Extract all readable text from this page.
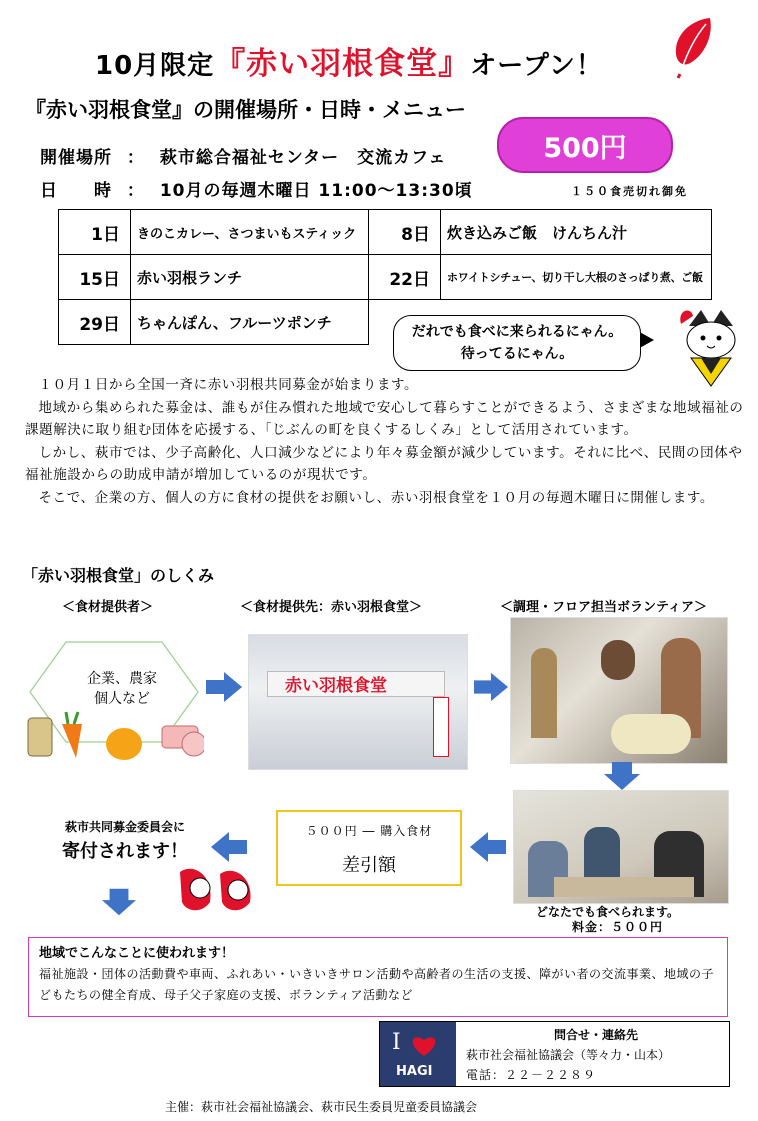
10月限定『赤い羽根食堂』オープン！
『赤い羽根食堂』の開催場所・日時・メニュー
開催場所 ： 萩市総合福祉センター　交流カフェ	500円
日　　時 ： 10月の毎週木曜日 11:00～13:30頃	１５０食売切れ御免
1日	きのこカレー、さつまいもスティック	8日	炊き込みご飯　けんちん汁
15日	赤い羽根ランチ	22日	ホワイトシチュー、切り干し大根のさっぱり煮、ご飯
29日	ちゃんぽん、フルーツポンチ		
だれでも食べに来られるにゃん。
待ってるにゃん。

１０月１日から全国一斉に赤い羽根共同募金が始まります。

地域から集められた募金は、誰もが住み慣れた地域で安心して暮らすことができるよう、さまざまな地域福祉の課題解決に取り組む団体を応援する、「じぶんの町を良くするしくみ」として活用されています。

しかし、萩市では、少子高齢化、人口減少などにより年々募金額が減少しています。それに比べ、民間の団体や福祉施設からの助成申請が増加しているのが現状です。

そこで、企業の方、個人の方に食材の提供をお願いし、赤い羽根食堂を１０月の毎週木曜日に開催します。

「赤い羽根食堂」のしくみ
＜食材提供者＞	＜食材提供先：赤い羽根食堂＞	＜調理・フロア担当ボランティア＞
企業、農家
個人など
赤い羽根食堂
５００円 ― 購入食材
差引額
萩市共同募金委員会に
寄付されます！
どなたでも食べられます。
料金：５００円
地域でこんなことに使われます！
福祉施設・団体の活動費や車両、ふれあい・いきいきサロン活動や高齢者の生活の支援、障がい者の交流事業、地域の子どもたちの健全育成、母子父子家庭の支援、ボランティア活動など
I
HAGI
問合せ・連絡先
萩市社会福祉協議会（等々力・山本）
電話：２２－２２８９
主催：萩市社会福祉協議会、萩市民生委員児童委員協議会
